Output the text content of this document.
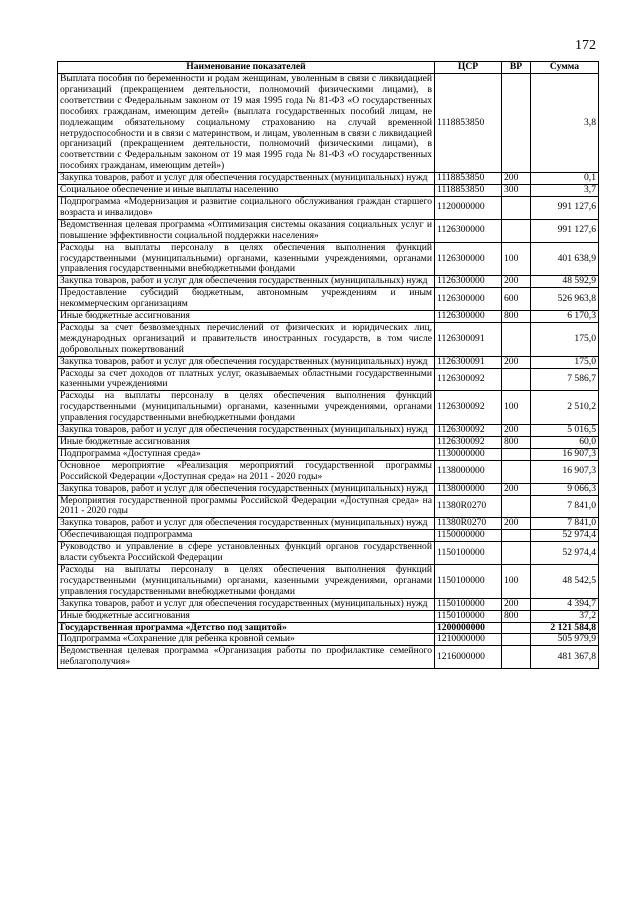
172
Наименование показателей	ЦСР	ВР	Сумма
Выплата пособия по беременности и родам женщинам, уволенным в связи с ликвидацией организаций (прекращением деятельности, полномочий физическими лицами), в соответствии с Федеральным законом от 19 мая 1995 года № 81-ФЗ «О государственных пособиях гражданам, имеющим детей» (выплата государственных пособий лицам, не подлежащим обязательному социальному страхованию на случай временной нетрудоспособности и в связи с материнством, и лицам, уволенным в связи с ликвидацией организаций (прекращением деятельности, полномочий физическими лицами), в соответствии с Федеральным законом от 19 мая 1995 года № 81-ФЗ «О государственных пособиях гражданам, имеющим детей»)	1118853850		3,8
Закупка товаров, работ и услуг для обеспечения государственных (муниципальных) нужд	1118853850	200	0,1
Социальное обеспечение и иные выплаты населению	1118853850	300	3,7
Подпрограмма «Модернизация и развитие социального обслуживания граждан старшего возраста и инвалидов»	1120000000		991 127,6
Ведомственная целевая программа «Оптимизация системы оказания социальных услуг и повышение эффективности социальной поддержки населения»	1126300000		991 127,6
Расходы на выплаты персоналу в целях обеспечения выполнения функций государственными (муниципальными) органами, казенными учреждениями, органами управления государственными внебюджетными фондами	1126300000	100	401 638,9
Закупка товаров, работ и услуг для обеспечения государственных (муниципальных) нужд	1126300000	200	48 592,9
Предоставление субсидий бюджетным, автономным учреждениям и иным некоммерческим организациям	1126300000	600	526 963,8
Иные бюджетные ассигнования	1126300000	800	6 170,3
Расходы за счет безвозмездных перечислений от физических и юридических лиц, международных организаций и правительств иностранных государств, в том числе добровольных пожертвований	1126300091		175,0
Закупка товаров, работ и услуг для обеспечения государственных (муниципальных) нужд	1126300091	200	175,0
Расходы за счет доходов от платных услуг, оказываемых областными государственными казенными учреждениями	1126300092		7 586,7
Расходы на выплаты персоналу в целях обеспечения выполнения функций государственными (муниципальными) органами, казенными учреждениями, органами управления государственными внебюджетными фондами	1126300092	100	2 510,2
Закупка товаров, работ и услуг для обеспечения государственных (муниципальных) нужд	1126300092	200	5 016,5
Иные бюджетные ассигнования	1126300092	800	60,0
Подпрограмма «Доступная среда»	1130000000		16 907,3
Основное мероприятие «Реализация мероприятий государственной программы Российской Федерации «Доступная среда» на 2011 - 2020 годы»	1138000000		16 907,3
Закупка товаров, работ и услуг для обеспечения государственных (муниципальных) нужд	1138000000	200	9 066,3
Мероприятия государственной программы Российской Федерации «Доступная среда» на 2011 - 2020 годы	11380R0270		7 841,0
Закупка товаров, работ и услуг для обеспечения государственных (муниципальных) нужд	11380R0270	200	7 841,0
Обеспечивающая подпрограмма	1150000000		52 974,4
Руководство и управление в сфере установленных функций органов государственной власти субъекта Российской Федерации	1150100000		52 974,4
Расходы на выплаты персоналу в целях обеспечения выполнения функций государственными (муниципальными) органами, казенными учреждениями, органами управления государственными внебюджетными фондами	1150100000	100	48 542,5
Закупка товаров, работ и услуг для обеспечения государственных (муниципальных) нужд	1150100000	200	4 394,7
Иные бюджетные ассигнования	1150100000	800	37,2
Государственная программа «Детство под защитой»	1200000000		2 121 584,8
Подпрограмма «Сохранение для ребенка кровной семьи»	1210000000		505 979,9
Ведомственная целевая программа «Организация работы по профилактике семейного неблагополучия»	1216000000		481 367,8
